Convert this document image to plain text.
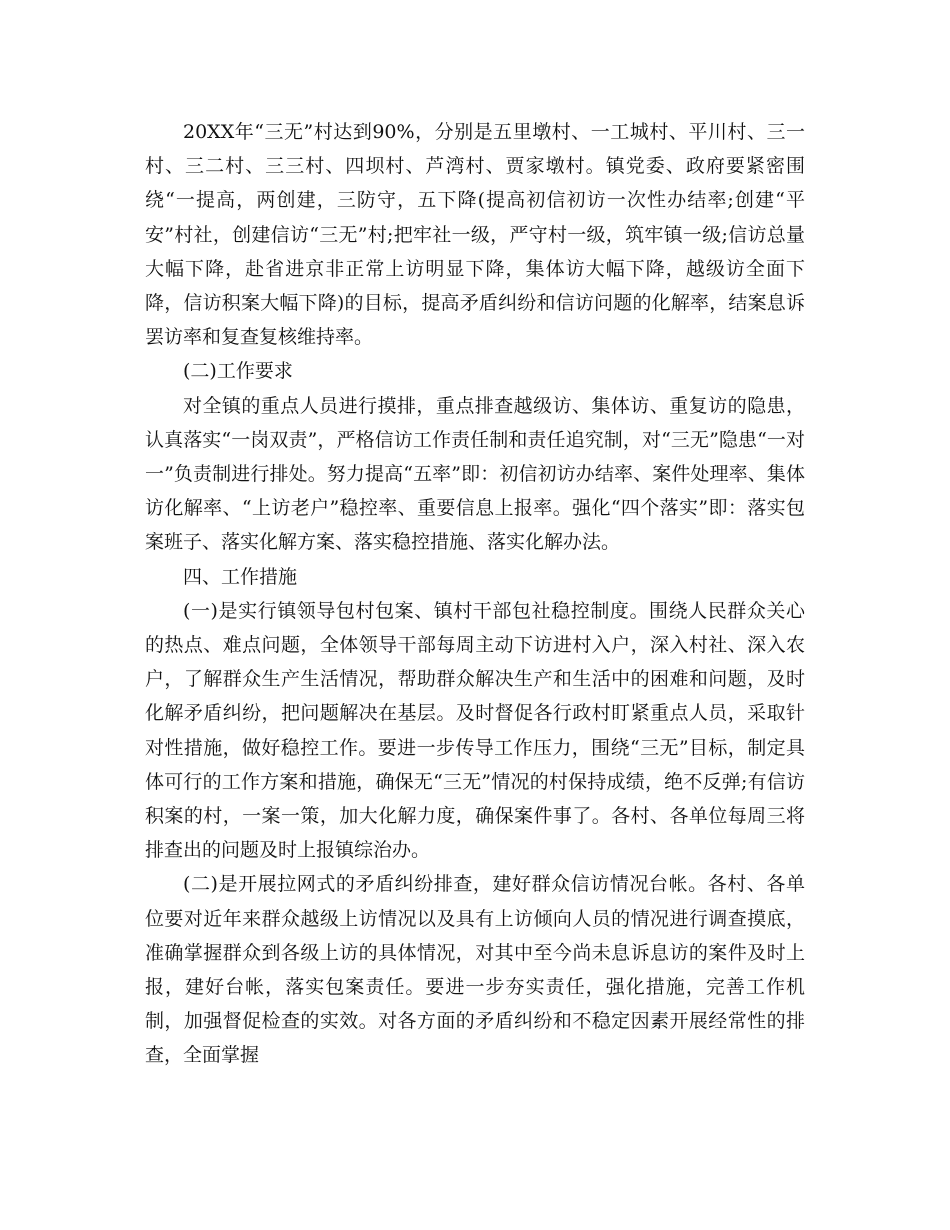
20XX年“三无”村达到90%，分别是五里墩村、一工城村、平川村、三一村、三二村、三三村、四坝村、芦湾村、贾家墩村。镇党委、政府要紧密围绕“一提高，两创建，三防守，五下降(提高初信初访一次性办结率;创建“平安”村社，创建信访“三无”村;把牢社一级，严守村一级，筑牢镇一级;信访总量大幅下降，赴省进京非正常上访明显下降，集体访大幅下降，越级访全面下降，信访积案大幅下降)的目标，提高矛盾纠纷和信访问题的化解率，结案息诉罢访率和复查复核维持率。

(二)工作要求

对全镇的重点人员进行摸排，重点排查越级访、集体访、重复访的隐患，认真落实“一岗双责”，严格信访工作责任制和责任追究制，对“三无”隐患“一对一”负责制进行排处。努力提高“五率”即：初信初访办结率、案件处理率、集体访化解率、“上访老户”稳控率、重要信息上报率。强化“四个落实”即：落实包案班子、落实化解方案、落实稳控措施、落实化解办法。

四、工作措施

(一)是实行镇领导包村包案、镇村干部包社稳控制度。围绕人民群众关心的热点、难点问题，全体领导干部每周主动下访进村入户，深入村社、深入农户，了解群众生产生活情况，帮助群众解决生产和生活中的困难和问题，及时化解矛盾纠纷，把问题解决在基层。及时督促各行政村盯紧重点人员，采取针对性措施，做好稳控工作。要进一步传导工作压力，围绕“三无”目标，制定具体可行的工作方案和措施，确保无“三无”情况的村保持成绩，绝不反弹;有信访积案的村，一案一策，加大化解力度，确保案件事了。各村、各单位每周三将排查出的问题及时上报镇综治办。

(二)是开展拉网式的矛盾纠纷排查，建好群众信访情况台帐。各村、各单位要对近年来群众越级上访情况以及具有上访倾向人员的情况进行调查摸底，准确掌握群众到各级上访的具体情况，对其中至今尚未息诉息访的案件及时上报，建好台帐，落实包案责任。要进一步夯实责任，强化措施，完善工作机制，加强督促检查的实效。对各方面的矛盾纠纷和不稳定因素开展经常性的排查，全面掌握
